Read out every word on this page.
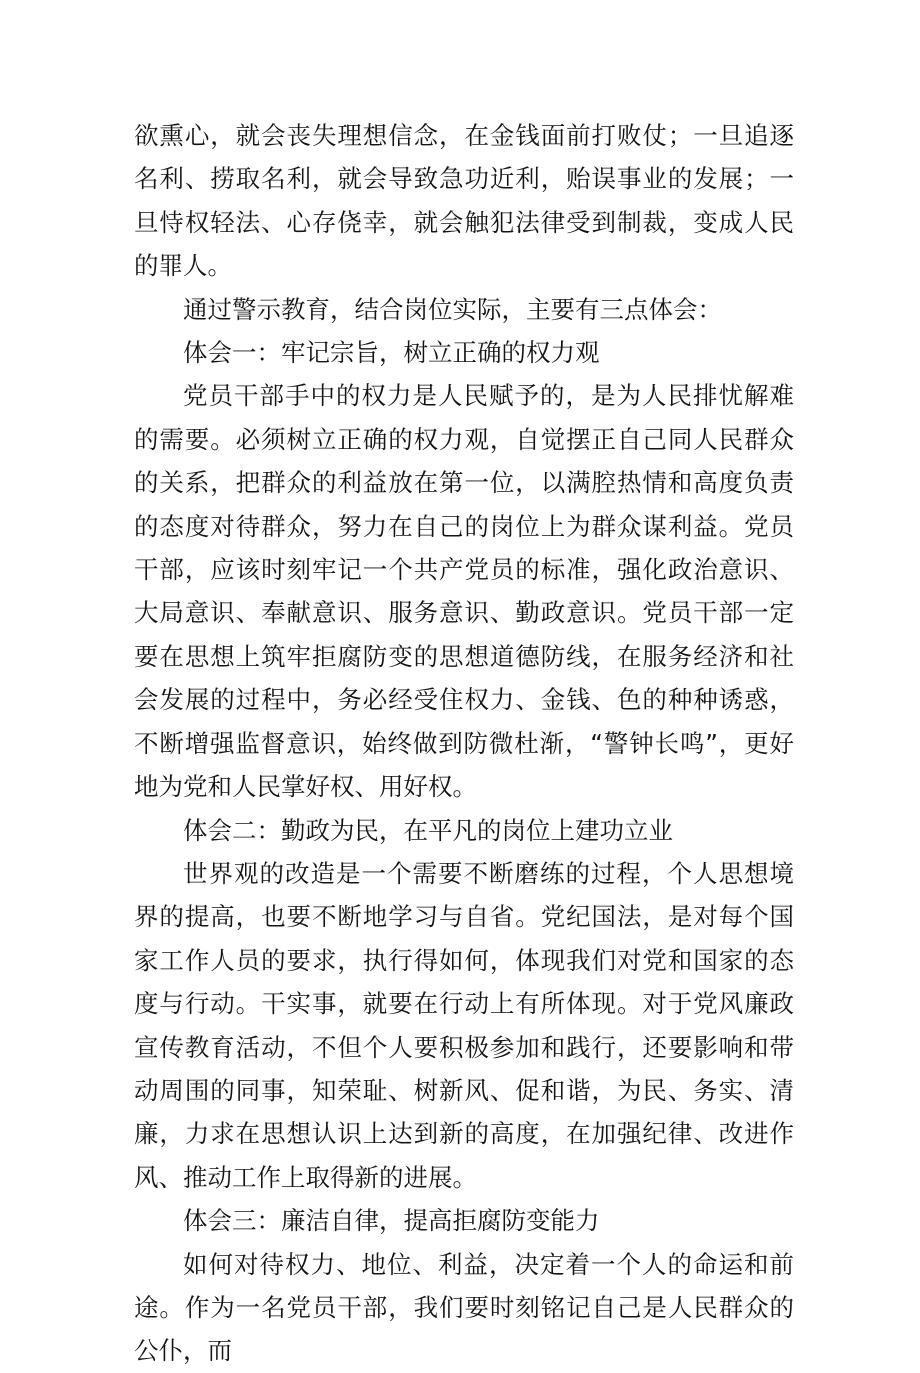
欲熏心，就会丧失理想信念，在金钱面前打败仗；一旦追逐名利、捞取名利，就会导致急功近利，贻误事业的发展；一旦恃权轻法、心存侥幸，就会触犯法律受到制裁，变成人民的罪人。

通过警示教育，结合岗位实际，主要有三点体会：

体会一：牢记宗旨，树立正确的权力观

党员干部手中的权力是人民赋予的，是为人民排忧解难的需要。必须树立正确的权力观，自觉摆正自己同人民群众的关系，把群众的利益放在第一位，以满腔热情和高度负责的态度对待群众，努力在自己的岗位上为群众谋利益。党员干部，应该时刻牢记一个共产党员的标准，强化政治意识、大局意识、奉献意识、服务意识、勤政意识。党员干部一定要在思想上筑牢拒腐防变的思想道德防线，在服务经济和社会发展的过程中，务必经受住权力、金钱、色的种种诱惑，不断增强监督意识，始终做到防微杜渐，“警钟长鸣”，更好地为党和人民掌好权、用好权。

体会二：勤政为民，在平凡的岗位上建功立业

世界观的改造是一个需要不断磨练的过程，个人思想境界的提高，也要不断地学习与自省。党纪国法，是对每个国家工作人员的要求，执行得如何，体现我们对党和国家的态度与行动。干实事，就要在行动上有所体现。对于党风廉政宣传教育活动，不但个人要积极参加和践行，还要影响和带动周围的同事，知荣耻、树新风、促和谐，为民、务实、清廉，力求在思想认识上达到新的高度，在加强纪律、改进作风、推动工作上取得新的进展。

体会三：廉洁自律，提高拒腐防变能力

如何对待权力、地位、利益，决定着一个人的命运和前途。作为一名党员干部，我们要时刻铭记自己是人民群众的公仆，而
